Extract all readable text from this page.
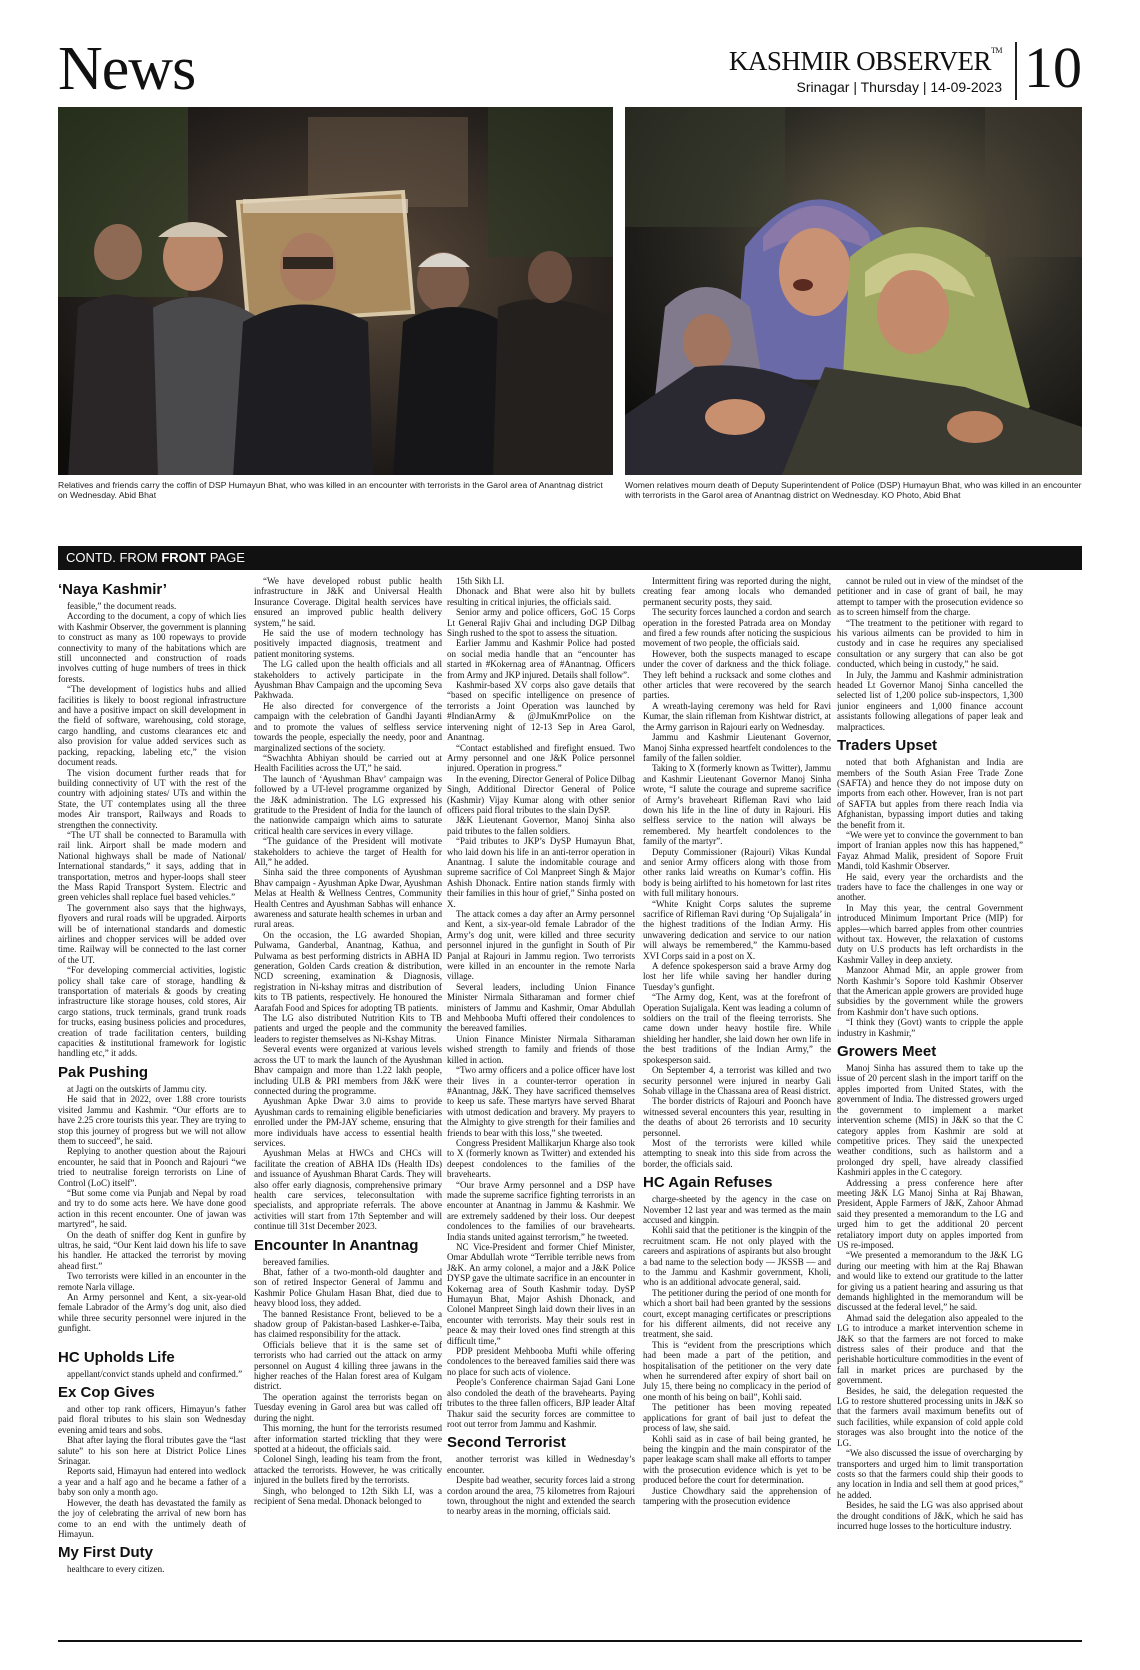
News	KASHMIR OBSERVER™
Srinagar | Thursday | 14-09-2023 10
Relatives and friends carry the coffin of DSP Humayun Bhat, who was killed in an encounter with terrorists in the Garol area of Anantnag district on Wednesday. Abid Bhat
Women relatives mourn death of Deputy Superintendent of Police (DSP) Humayun Bhat, who was killed in an encounter with terrorists in the Garol area of Anantnag district on Wednesday. KO Photo, Abid Bhat
CONTD. FROM FRONT PAGE
‘Naya Kashmir’

feasible,” the document reads.

According to the document, a copy of which lies with Kashmir Observer, the government is planning to construct as many as 100 ropeways to provide connectivity to many of the habitations which are still unconnected and construction of roads involves cutting of huge numbers of trees in thick forests.

“The development of logistics hubs and allied facilities is likely to boost regional infrastructure and have a positive impact on skill development in the field of software, warehousing, cold storage, cargo handling, and customs clearances etc and also provision for value added services such as packing, repacking, labeling etc,” the vision document reads.

The vision document further reads that for building connectivity of UT with the rest of the country with adjoining states/ UTs and within the State, the UT contemplates using all the three modes Air transport, Railways and Roads to strengthen the connectivity.

“The UT shall be connected to Baramulla with rail link. Airport shall be made modern and National highways shall be made of National/ International standards,” it says, adding that in transportation, metros and hyper-loops shall steer the Mass Rapid Transport System. Electric and green vehicles shall replace fuel based vehicles.”

The government also says that the highways, flyovers and rural roads will be upgraded. Airports will be of international standards and domestic airlines and chopper services will be added over time. Railway will be connected to the last corner of the UT.

“For developing commercial activities, logistic policy shall take care of storage, handling & transportation of materials & goods by creating infrastructure like storage houses, cold stores, Air cargo stations, truck terminals, grand trunk roads for trucks, easing business policies and procedures, creation of trade facilitation centers, building capacities & institutional framework for logistic handling etc,” it adds.

Pak Pushing

at Jagti on the outskirts of Jammu city.

He said that in 2022, over 1.88 crore tourists visited Jammu and Kashmir. “Our efforts are to have 2.25 crore tourists this year. They are trying to stop this journey of progress but we will not allow them to succeed”, he said.

Replying to another question about the Rajouri encounter, he said that in Poonch and Rajouri “we tried to neutralise foreign terrorists on Line of Control (LoC) itself”.

“But some come via Punjab and Nepal by road and try to do some acts here. We have done good action in this recent encounter. One of jawan was martyred”, he said.

On the death of sniffer dog Kent in gunfire by ultras, he said, “Our Kent laid down his life to save his handler. He attacked the terrorist by moving ahead first.”

Two terrorists were killed in an encounter in the remote Narla village.

An Army personnel and Kent, a six-year-old female Labrador of the Army’s dog unit, also died while three security personnel were injured in the gunfight.

HC Upholds Life

appellant/convict stands upheld and confirmed.”

Ex Cop Gives

and other top rank officers, Himayun’s father paid floral tributes to his slain son Wednesday evening amid tears and sobs.

Bhat after laying the floral tributes gave the “last salute” to his son here at District Police Lines Srinagar.

Reports said, Himayun had entered into wedlock a year and a half ago and he became a father of a baby son only a month ago.

However, the death has devastated the family as the joy of celebrating the arrival of new born has come to an end with the untimely death of Himayun.

My First Duty

healthcare to every citizen.

“We have developed robust public health infrastructure in J&K and Universal Health Insurance Coverage. Digital health services have ensured an improved public health delivery system,” he said.

He said the use of modern technology has positively impacted diagnosis, treatment and patient monitoring systems.

The LG called upon the health officials and all stakeholders to actively participate in the Ayushman Bhav Campaign and the upcoming Seva Pakhwada.

He also directed for convergence of the campaign with the celebration of Gandhi Jayanti and to promote the values of selfless service towards the people, especially the needy, poor and marginalized sections of the society.

“Swachhta Abhiyan should be carried out at Health Facilities across the UT,” he said.

The launch of ‘Ayushman Bhav’ campaign was followed by a UT-level programme organized by the J&K administration. The LG expressed his gratitude to the President of India for the launch of the nationwide campaign which aims to saturate critical health care services in every village.

“The guidance of the President will motivate stakeholders to achieve the target of Health for All,” he added.

Sinha said the three components of Ayushman Bhav campaign - Ayushman Apke Dwar, Ayushman Melas at Health & Wellness Centres, Community Health Centres and Ayushman Sabhas will enhance awareness and saturate health schemes in urban and rural areas.

On the occasion, the LG awarded Shopian, Pulwama, Ganderbal, Anantnag, Kathua, and Pulwama as best performing districts in ABHA ID generation, Golden Cards creation & distribution, NCD screening, examination & Diagnosis, registration in Ni-kshay mitras and distribution of kits to TB patients, respectively. He honoured the Aarafah Food and Spices for adopting TB patients.

The LG also distributed Nutrition Kits to TB patients and urged the people and the community leaders to register themselves as Ni-Kshay Mitras.

Several events were organized at various levels across the UT to mark the launch of the Ayushman Bhav campaign and more than 1.22 lakh people, including ULB & PRI members from J&K were connected during the programme.

Ayushman Apke Dwar 3.0 aims to provide Ayushman cards to remaining eligible beneficiaries enrolled under the PM-JAY scheme, ensuring that more individuals have access to essential health services.

Ayushman Melas at HWCs and CHCs will facilitate the creation of ABHA IDs (Health IDs) and issuance of Ayushman Bharat Cards. They will also offer early diagnosis, comprehensive primary health care services, teleconsultation with specialists, and appropriate referrals. The above activities will start from 17th September and will continue till 31st December 2023.

Encounter In Anantnag

bereaved families.

Bhat, father of a two-month-old daughter and son of retired Inspector General of Jammu and Kashmir Police Ghulam Hasan Bhat, died due to heavy blood loss, they added.

The banned Resistance Front, believed to be a shadow group of Pakistan-based Lashker-e-Taiba, has claimed responsibility for the attack.

Officials believe that it is the same set of terrorists who had carried out the attack on army personnel on August 4 killing three jawans in the higher reaches of the Halan forest area of Kulgam district.

The operation against the terrorists began on Tuesday evening in Garol area but was called off during the night.

This morning, the hunt for the terrorists resumed after information started trickling that they were spotted at a hideout, the officials said.

Colonel Singh, leading his team from the front, attacked the terrorists. However, he was critically injured in the bullets fired by the terrorists.

Singh, who belonged to 12th Sikh LI, was a recipient of Sena medal. Dhonack belonged to

15th Sikh LI.

Dhonack and Bhat were also hit by bullets resulting in critical injuries, the officials said.

Senior army and police officers, GoC 15 Corps Lt General Rajiv Ghai and including DGP Dilbag Singh rushed to the spot to assess the situation.

Earlier Jammu and Kashmir Police had posted on social media handle that an “encounter has started in #Kokernag area of #Anantnag. Officers from Army and JKP injured. Details shall follow”.

Kashmir-based XV corps also gave details that “based on specific intelligence on presence of terrorists a Joint Operation was launched by #IndianArmy & @JmuKmrPolice on the intervening night of 12-13 Sep in Area Garol, Anantnag.

“Contact established and firefight ensued. Two Army personnel and one J&K Police personnel injured. Operation in progress.”

In the evening, Director General of Police Dilbag Singh, Additional Director General of Police (Kashmir) Vijay Kumar along with other senior officers paid floral tributes to the slain DySP.

J&K Lieutenant Governor, Manoj Sinha also paid tributes to the fallen soldiers.

“Paid tributes to JKP’s DySP Humayun Bhat, who laid down his life in an anti-terror operation in Anantnag. I salute the indomitable courage and supreme sacrifice of Col Manpreet Singh & Major Ashish Dhonack. Entire nation stands firmly with their families in this hour of grief,” Sinha posted on X.

The attack comes a day after an Army personnel and Kent, a six-year-old female Labrador of the Army’s dog unit, were killed and three security personnel injured in the gunfight in South of Pir Panjal at Rajouri in Jammu region. Two terrorists were killed in an encounter in the remote Narla village.

Several leaders, including Union Finance Minister Nirmala Sitharaman and former chief ministers of Jammu and Kashmir, Omar Abdullah and Mehbooba Mufti offered their condolences to the bereaved families.

Union Finance Minister Nirmala Sitharaman wished strength to family and friends of those killed in action.

“Two army officers and a police officer have lost their lives in a counter-terror operation in #Anantnag, J&K. They have sacrificed themselves to keep us safe. These martyrs have served Bharat with utmost dedication and bravery. My prayers to the Almighty to give strength for their families and friends to bear with this loss,” she tweeted.

Congress President Mallikarjun Kharge also took to X (formerly known as Twitter) and extended his deepest condolences to the families of the bravehearts.

“Our brave Army personnel and a DSP have made the supreme sacrifice fighting terrorists in an encounter at Anantnag in Jammu & Kashmir. We are extremely saddened by their loss. Our deepest condolences to the families of our bravehearts. India stands united against terrorism,” he tweeted.

NC Vice-President and former Chief Minister, Omar Abdullah wrote “Terrible terrible news from J&K. An army colonel, a major and a J&K Police DYSP gave the ultimate sacrifice in an encounter in Kokernag area of South Kashmir today. DySP Humayun Bhat, Major Ashish Dhonack, and Colonel Manpreet Singh laid down their lives in an encounter with terrorists. May their souls rest in peace & may their loved ones find strength at this difficult time,”

PDP president Mehbooba Mufti while offering condolences to the bereaved families said there was no place for such acts of violence.

People’s Conference chairman Sajad Gani Lone also condoled the death of the bravehearts. Paying tributes to the three fallen officers, BJP leader Altaf Thakur said the security forces are committee to root out terror from Jammu and Kashmir.

Second Terrorist

another terrorist was killed in Wednesday’s encounter.

Despite bad weather, security forces laid a strong cordon around the area, 75 kilometres from Rajouri town, throughout the night and extended the search to nearby areas in the morning, officials said.

Intermittent firing was reported during the night, creating fear among locals who demanded permanent security posts, they said.

The security forces launched a cordon and search operation in the forested Patrada area on Monday and fired a few rounds after noticing the suspicious movement of two people, the officials said.

However, both the suspects managed to escape under the cover of darkness and the thick foliage. They left behind a rucksack and some clothes and other articles that were recovered by the search parties.

A wreath-laying ceremony was held for Ravi Kumar, the slain rifleman from Kishtwar district, at the Army garrison in Rajouri early on Wednesday.

Jammu and Kashmir Lieutenant Governor, Manoj Sinha expressed heartfelt condolences to the family of the fallen soldier.

Taking to X (formerly known as Twitter), Jammu and Kashmir Lieutenant Governor Manoj Sinha wrote, “I salute the courage and supreme sacrifice of Army’s braveheart Rifleman Ravi who laid down his life in the line of duty in Rajouri. His selfless service to the nation will always be remembered. My heartfelt condolences to the family of the martyr”.

Deputy Commissioner (Rajouri) Vikas Kundal and senior Army officers along with those from other ranks laid wreaths on Kumar’s coffin. His body is being airlifted to his hometown for last rites with full military honours.

“White Knight Corps salutes the supreme sacrifice of Rifleman Ravi during ‘Op Sujaligala’ in the highest traditions of the Indian Army. His unwavering dedication and service to our nation will always be remembered,” the Kammu-based XVI Corps said in a post on X.

A defence spokesperson said a brave Army dog lost her life while saving her handler during Tuesday’s gunfight.

“The Army dog, Kent, was at the forefront of Operation Sujaligala. Kent was leading a column of soldiers on the trail of the fleeing terrorists. She came down under heavy hostile fire. While shielding her handler, she laid down her own life in the best traditions of the Indian Army,” the spokesperson said.

On September 4, a terrorist was killed and two security personnel were injured in nearby Gali Sohab village in the Chassana area of Reasi district.

The border districts of Rajouri and Poonch have witnessed several encounters this year, resulting in the deaths of about 26 terrorists and 10 security personnel.

Most of the terrorists were killed while attempting to sneak into this side from across the border, the officials said.

HC Again Refuses

charge-sheeted by the agency in the case on November 12 last year and was termed as the main accused and kingpin.

Kohli said that the petitioner is the kingpin of the recruitment scam. He not only played with the careers and aspirations of aspirants but also brought a bad name to the selection body — JKSSB — and to the Jammu and Kashmir government, Kholi, who is an additional advocate general, said.

The petitioner during the period of one month for which a short bail had been granted by the sessions court, except managing certificates or prescriptions for his different ailments, did not receive any treatment, she said.

This is “evident from the prescriptions which had been made a part of the petition, and hospitalisation of the petitioner on the very date when he surrendered after expiry of short bail on July 15, there being no complicacy in the period of one month of his being on bail”, Kohli said.

The petitioner has been moving repeated applications for grant of bail just to defeat the process of law, she said.

Kohli said as in case of bail being granted, he being the kingpin and the main conspirator of the paper leakage scam shall make all efforts to tamper with the prosecution evidence which is yet to be produced before the court for determination.

Justice Chowdhary said the apprehension of tampering with the prosecution evidence

cannot be ruled out in view of the mindset of the petitioner and in case of grant of bail, he may attempt to tamper with the prosecution evidence so as to screen himself from the charge.

“The treatment to the petitioner with regard to his various ailments can be provided to him in custody and in case he requires any specialised consultation or any surgery that can also be got conducted, which being in custody,” he said.

In July, the Jammu and Kashmir administration headed Lt Governor Manoj Sinha cancelled the selected list of 1,200 police sub-inspectors, 1,300 junior engineers and 1,000 finance account assistants following allegations of paper leak and malpractices.

Traders Upset

noted that both Afghanistan and India are members of the South Asian Free Trade Zone (SAFTA) and hence they do not impose duty on imports from each other. However, Iran is not part of SAFTA but apples from there reach India via Afghanistan, bypassing import duties and taking the benefit from it.

“We were yet to convince the government to ban import of Iranian apples now this has happened,” Fayaz Ahmad Malik, president of Sopore Fruit Mandi, told Kashmir Observer.

He said, every year the orchardists and the traders have to face the challenges in one way or another.

In May this year, the central Government introduced Minimum Important Price (MIP) for apples—which barred apples from other countries without tax. However, the relaxation of customs duty on U.S products has left orchardists in the Kashmir Valley in deep anxiety.

Manzoor Ahmad Mir, an apple grower from North Kashmir’s Sopore told Kashmir Observer that the American apple growers are provided huge subsidies by the government while the growers from Kashmir don’t have such options.

“I think they (Govt) wants to cripple the apple industry in Kashmir,”

Growers Meet

Manoj Sinha has assured them to take up the issue of 20 percent slash in the import tariff on the apples imported from United States, with the government of India. The distressed growers urged the government to implement a market intervention scheme (MIS) in J&K so that the C category apples from Kashmir are sold at competitive prices. They said the unexpected weather conditions, such as hailstorm and a prolonged dry spell, have already classified Kashmiri apples in the C category.

Addressing a press conference here after meeting J&K LG Manoj Sinha at Raj Bhawan, President, Apple Farmers of J&K, Zahoor Ahmad said they presented a memorandum to the LG and urged him to get the additional 20 percent retaliatory import duty on apples imported from US re-imposed.

“We presented a memorandum to the J&K LG during our meeting with him at the Raj Bhawan and would like to extend our gratitude to the latter for giving us a patient hearing and assuring us that demands highlighted in the memorandum will be discussed at the federal level,” he said.

Ahmad said the delegation also appealed to the LG to introduce a market intervention scheme in J&K so that the farmers are not forced to make distress sales of their produce and that the perishable horticulture commodities in the event of fall in market prices are purchased by the government.

Besides, he said, the delegation requested the LG to restore shuttered processing units in J&K so that the farmers avail maximum benefits out of such facilities, while expansion of cold apple cold storages was also brought into the notice of the LG.

“We also discussed the issue of overcharging by transporters and urged him to limit transportation costs so that the farmers could ship their goods to any location in India and sell them at good prices,” he added.

Besides, he said the LG was also apprised about the drought conditions of J&K, which he said has incurred huge losses to the horticulture industry.
